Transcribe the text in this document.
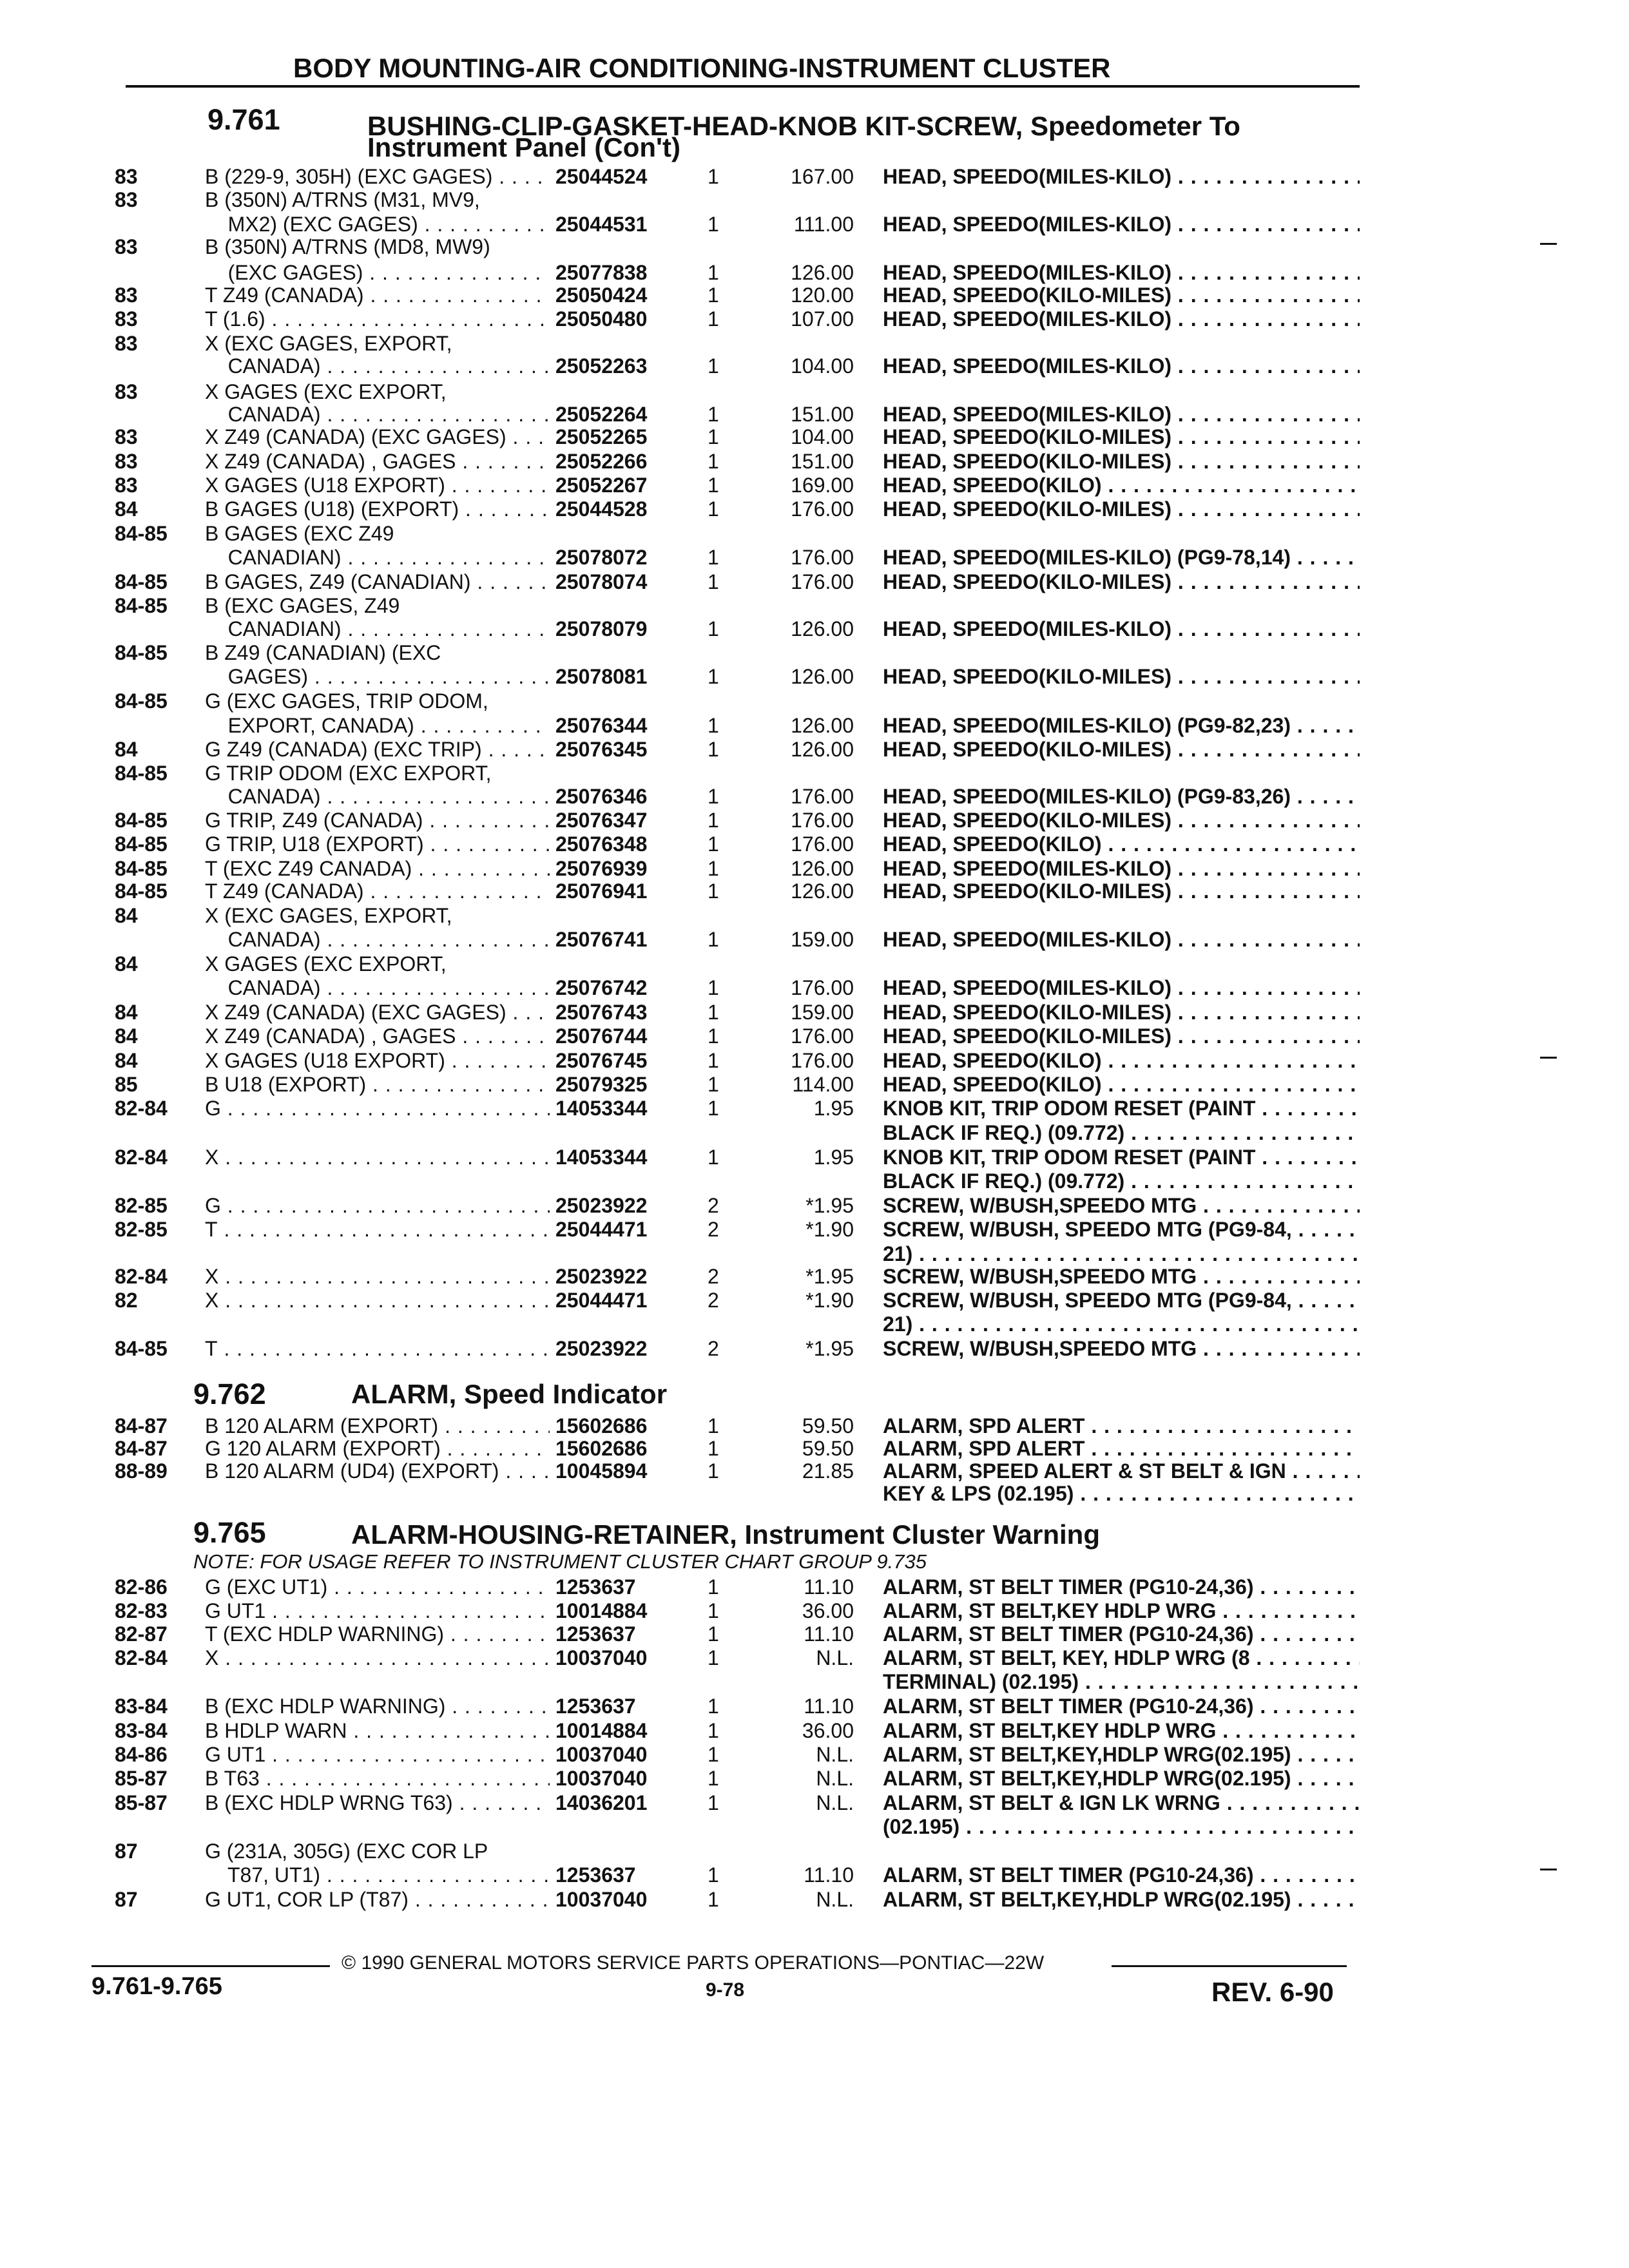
BODY MOUNTING-AIR CONDITIONING-INSTRUMENT CLUSTER
9.761	BUSHING-CLIP-GASKET-HEAD-KNOB KIT-SCREW, Speedometer To
Instrument Panel (Con't)
9.762	ALARM, Speed Indicator
9.765	ALARM-HOUSING-RETAINER, Instrument Cluster Warning
NOTE: FOR USAGE REFER TO INSTRUMENT CLUSTER CHART GROUP 9.735
83	B (229-9, 305H) (EXC GAGES) . . .	25044524	1	167.00 HEAD, SPEEDO(MILES-KILO) . . .
83	B (350N) A/TRNS (M31, MV9,
MX2) (EXC GAGES) . . .	25044531	1	111.00 HEAD, SPEEDO(MILES-KILO) . . .
83	B (350N) A/TRNS (MD8, MW9)
(EXC GAGES) . . .	25077838	1	126.00 HEAD, SPEEDO(MILES-KILO) . . .
83	T Z49 (CANADA) . . .	25050424	1	120.00 HEAD, SPEEDO(KILO-MILES) . . .
83	T (1.6) . . .	25050480	1	107.00 HEAD, SPEEDO(MILES-KILO) . . .
83	X (EXC GAGES, EXPORT,
CANADA) . . .	25052263	1	104.00 HEAD, SPEEDO(MILES-KILO) . . .
83	X GAGES (EXC EXPORT,
CANADA) . . .	25052264	1	151.00 HEAD, SPEEDO(MILES-KILO) . . .
83	X Z49 (CANADA) (EXC GAGES) . . .	25052265	1	104.00 HEAD, SPEEDO(KILO-MILES) . . .
83	X Z49 (CANADA) , GAGES . . .	25052266	1	151.00 HEAD, SPEEDO(KILO-MILES) . . .
83	X GAGES (U18 EXPORT) . . .	25052267	1	169.00 HEAD, SPEEDO(KILO) . . .
84	B GAGES (U18) (EXPORT) . . .	25044528	1	176.00 HEAD, SPEEDO(KILO-MILES) . . .
84-85 B GAGES (EXC Z49
CANADIAN) . . .	25078072	1	176.00 HEAD, SPEEDO(MILES-KILO) (PG9-78,14) . . .
84-85 B GAGES, Z49 (CANADIAN) . . .	25078074	1	176.00 HEAD, SPEEDO(KILO-MILES) . . .
84-85 B (EXC GAGES, Z49
CANADIAN) . . .	25078079	1	126.00 HEAD, SPEEDO(MILES-KILO) . . .
84-85 B Z49 (CANADIAN) (EXC
GAGES) . . .	25078081	1	126.00 HEAD, SPEEDO(KILO-MILES) . . .
84-85 G (EXC GAGES, TRIP ODOM,
EXPORT, CANADA) . . .	25076344	1	126.00 HEAD, SPEEDO(MILES-KILO) (PG9-82,23) . . .
84	G Z49 (CANADA) (EXC TRIP) . . .	25076345	1	126.00 HEAD, SPEEDO(KILO-MILES) . . .
84-85 G TRIP ODOM (EXC EXPORT,
CANADA) . . .	25076346	1	176.00 HEAD, SPEEDO(MILES-KILO) (PG9-83,26) . . .
84-85 G TRIP, Z49 (CANADA) . . .	25076347	1	176.00 HEAD, SPEEDO(KILO-MILES) . . .
84-85 G TRIP, U18 (EXPORT) . . .	25076348	1	176.00 HEAD, SPEEDO(KILO) . . .
84-85 T (EXC Z49 CANADA) . . .	25076939	1	126.00 HEAD, SPEEDO(MILES-KILO) . . .
84-85 T Z49 (CANADA) . . .	25076941	1	126.00 HEAD, SPEEDO(KILO-MILES) . . .
84	X (EXC GAGES, EXPORT,
CANADA) . . .	25076741	1	159.00 HEAD, SPEEDO(MILES-KILO) . . .
84	X GAGES (EXC EXPORT,
CANADA) . . .	25076742	1	176.00 HEAD, SPEEDO(MILES-KILO) . . .
84	X Z49 (CANADA) (EXC GAGES) . . .	25076743	1	159.00 HEAD, SPEEDO(KILO-MILES) . . .
84	X Z49 (CANADA) , GAGES . . .	25076744	1	176.00 HEAD, SPEEDO(KILO-MILES) . . .
84	X GAGES (U18 EXPORT) . . .	25076745	1	176.00 HEAD, SPEEDO(KILO) . . .
85	B U18 (EXPORT) . . .	25079325	1	114.00 HEAD, SPEEDO(KILO) . . .
82-84 G . . .	14053344	1	1.95 KNOB KIT, TRIP ODOM RESET (PAINT . . .
BLACK IF REQ.) (09.772) . . .
82-84 X . . .	14053344	1	1.95 KNOB KIT, TRIP ODOM RESET (PAINT . . .
BLACK IF REQ.) (09.772) . . .
82-85 G . . .	25023922	2	*1.95 SCREW, W/BUSH,SPEEDO MTG . . .
82-85 T . . .	25044471	2	*1.90 SCREW, W/BUSH, SPEEDO MTG (PG9-84, . . .
21) . . .
82-84 X . . .	25023922	2	*1.95 SCREW, W/BUSH,SPEEDO MTG . . .
82	X . . .	25044471	2	*1.90 SCREW, W/BUSH, SPEEDO MTG (PG9-84, . . .
21) . . .
84-85 T . . .	25023922	2	*1.95 SCREW, W/BUSH,SPEEDO MTG . . .
84-87 B 120 ALARM (EXPORT) . . .	15602686	1	59.50 ALARM, SPD ALERT . . .
84-87 G 120 ALARM (EXPORT) . . .	15602686	1	59.50 ALARM, SPD ALERT . . .
88-89 B 120 ALARM (UD4) (EXPORT) . . .	10045894	1	21.85 ALARM, SPEED ALERT & ST BELT & IGN . . .
KEY & LPS (02.195) . . .
82-86 G (EXC UT1) . . .	1253637	1	11.10 ALARM, ST BELT TIMER (PG10-24,36) . . .
82-83 G UT1 . . .	10014884	1	36.00 ALARM, ST BELT,KEY HDLP WRG . . .
82-87 T (EXC HDLP WARNING) . . .	1253637	1	11.10 ALARM, ST BELT TIMER (PG10-24,36) . . .
82-84 X . . .	10037040	1	N.L. ALARM, ST BELT, KEY, HDLP WRG (8 . . .
TERMINAL) (02.195) . . .
83-84 B (EXC HDLP WARNING) . . .	1253637	1	11.10 ALARM, ST BELT TIMER (PG10-24,36) . . .
83-84 B HDLP WARN . . .	10014884	1	36.00 ALARM, ST BELT,KEY HDLP WRG . . .
84-86 G UT1 . . .	10037040	1	N.L. ALARM, ST BELT,KEY,HDLP WRG(02.195) . . .
85-87 B T63 . . .	10037040	1	N.L. ALARM, ST BELT,KEY,HDLP WRG(02.195) . . .
85-87 B (EXC HDLP WRNG T63) . . .	14036201	1	N.L. ALARM, ST BELT & IGN LK WRNG . . .
(02.195) . . .
87	G (231A, 305G) (EXC COR LP
T87, UT1) . . .	1253637	1	11.10 ALARM, ST BELT TIMER (PG10-24,36) . . .
87	G UT1, COR LP (T87) . . .	10037040	1	N.L. ALARM, ST BELT,KEY,HDLP WRG(02.195) . . .
© 1990 GENERAL MOTORS SERVICE PARTS OPERATIONS—PONTIAC—22W
9.761-9.765	9-78	REV. 6-90
